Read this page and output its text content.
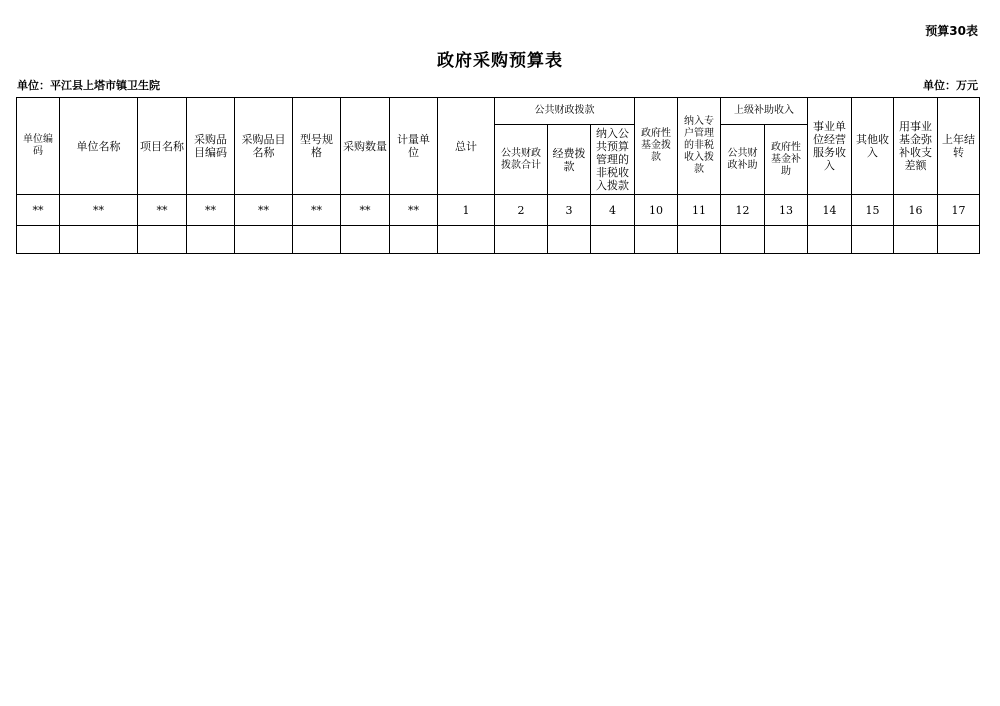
预算30表
政府采购预算表
单位：平江县上塔市镇卫生院	单位：万元
单位编码	单位名称	项目名称	采购品目编码	采购品目名称	型号规格	采购数量	计量单位	总计	公共财政拨款			政府性基金拨款	纳入专户管理的非税收入拨款	上级补助收入		事业单位经营服务收入	其他收入	用事业基金弥补收支差额	上年结转
									公共财政拨款合计	经费拨款	纳入公共预算管理的非税收入拨款								
														公共财政补助	政府性基金补助				
**	**	**	**	**	**	**	**	1	2	3	4	10	11	12	13	14	15	16	17
